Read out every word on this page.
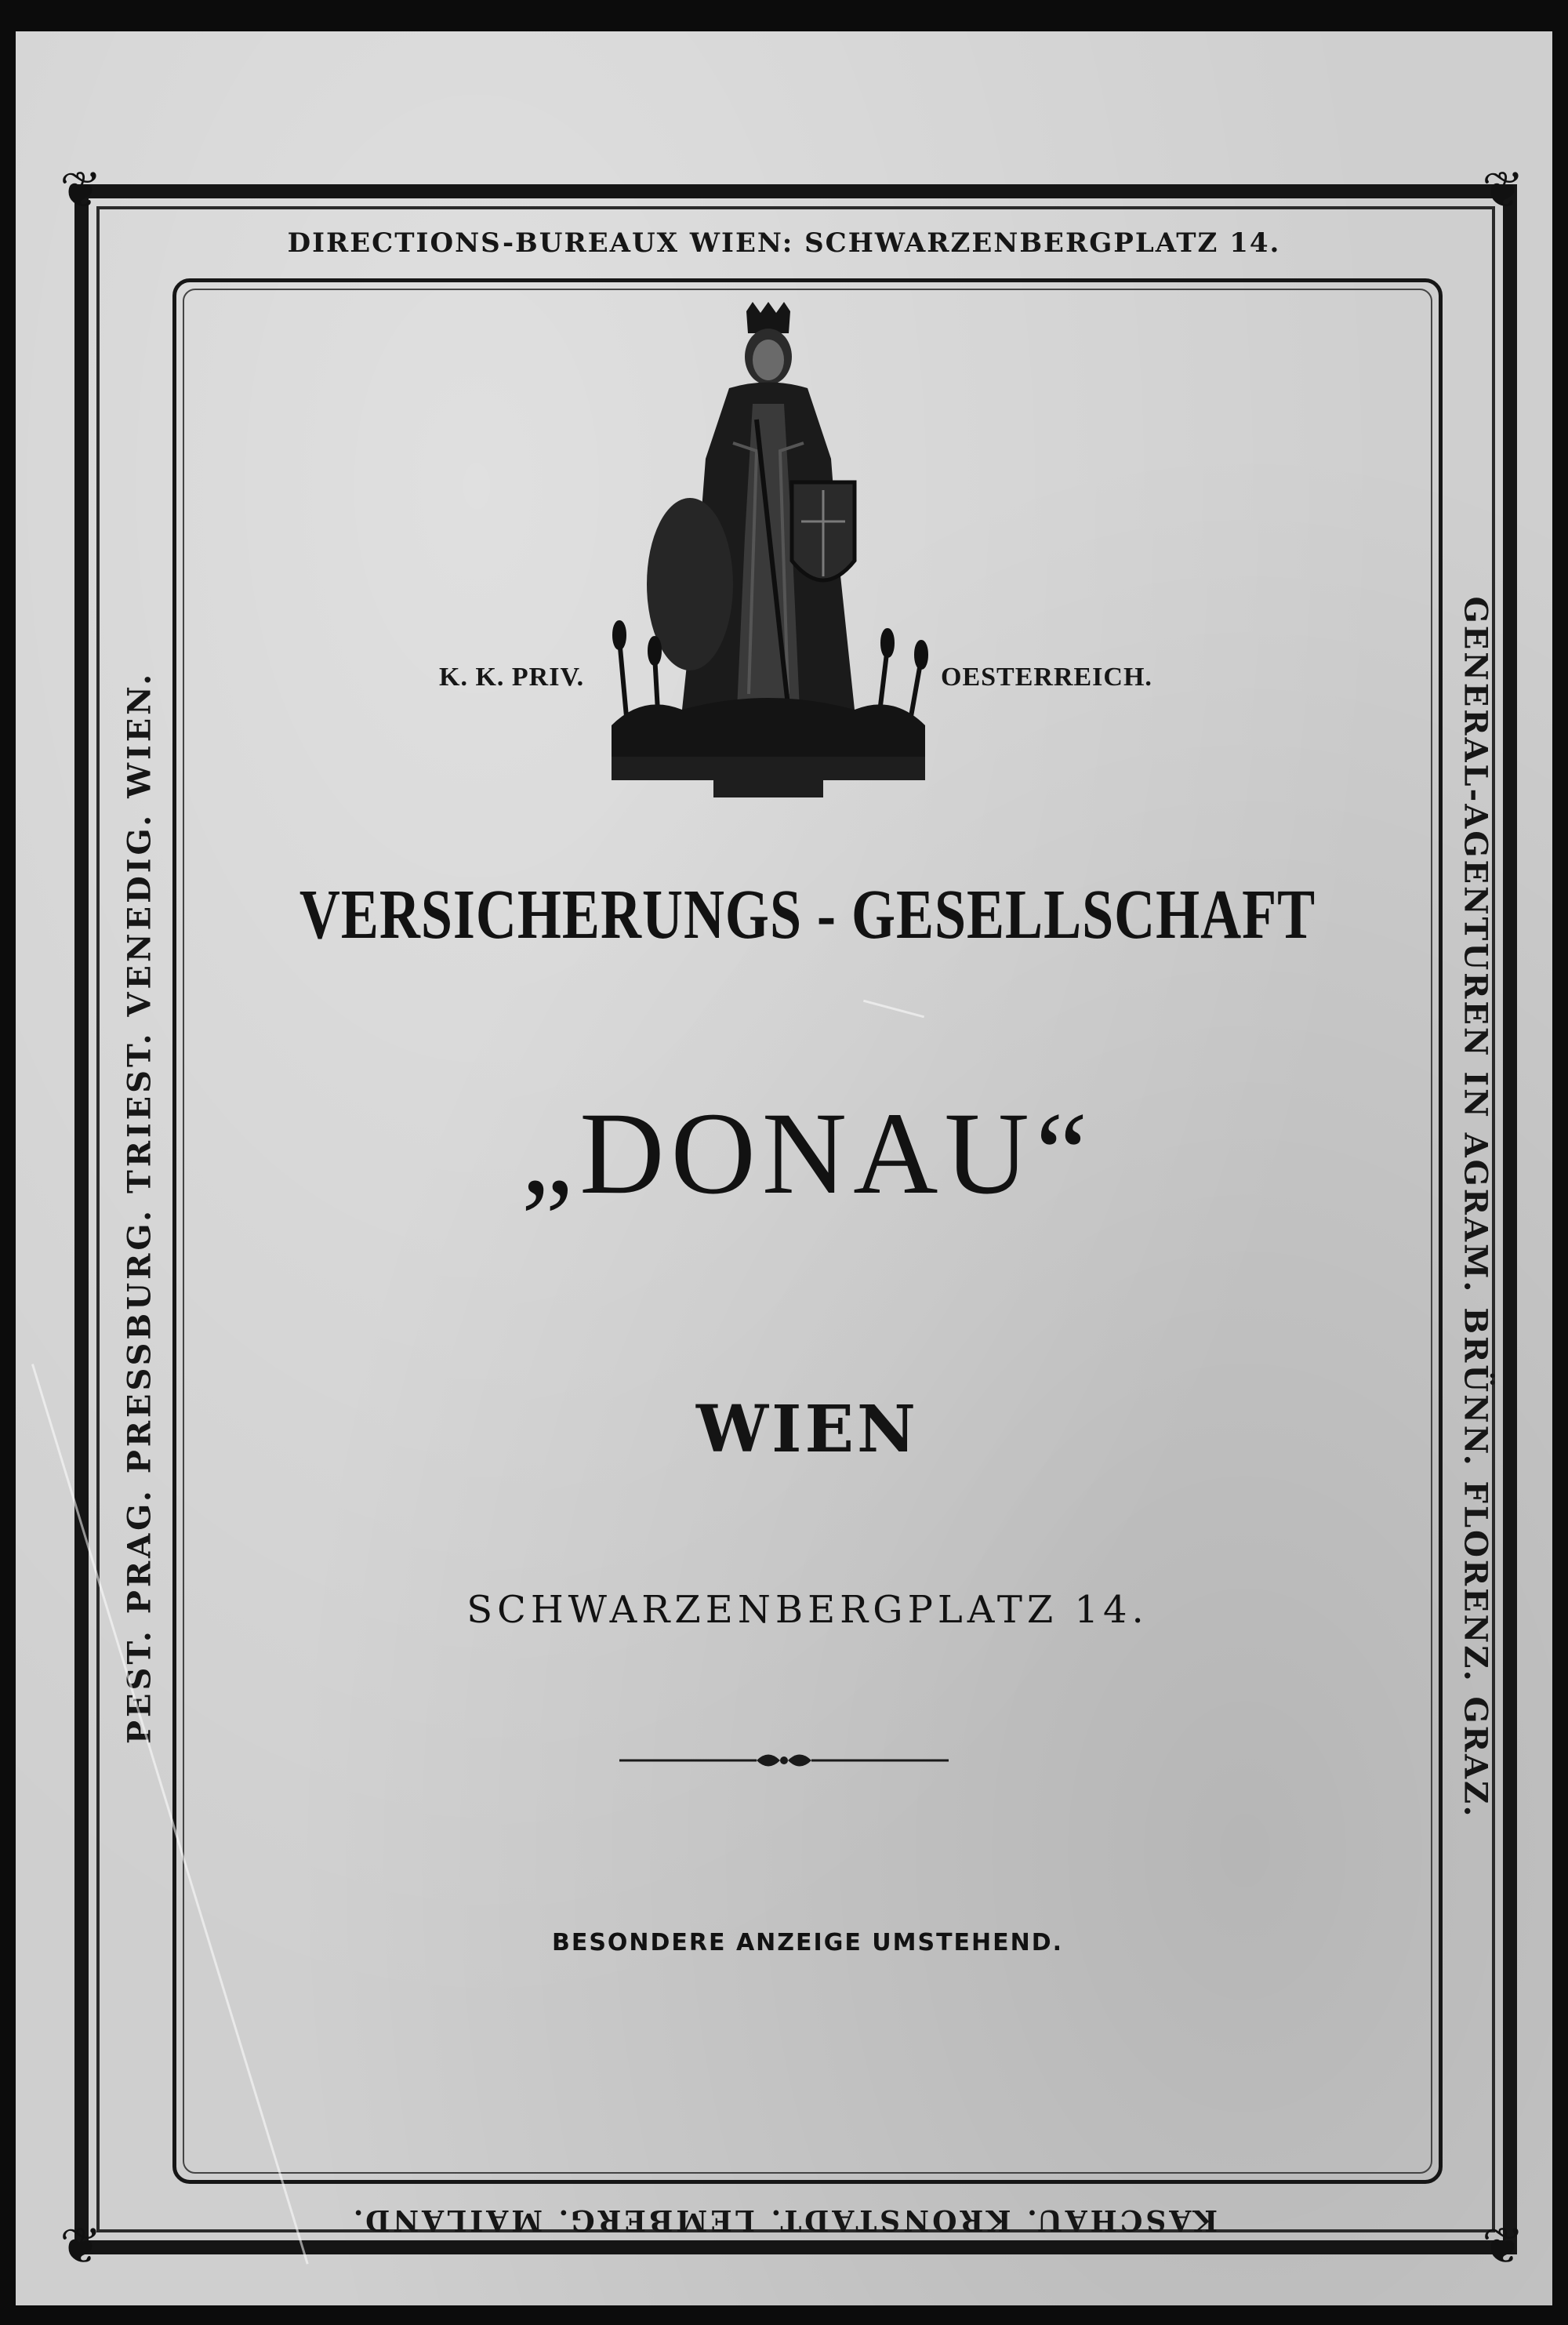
❦	❦
❦	❦
DIRECTIONS-BUREAUX WIEN: SCHWARZENBERGPLATZ 14.
PEST. PRAG. PRESSBURG. TRIEST. VENEDIG. WIEN.	GENERAL-AGENTUREN IN AGRAM. BRÜNN. FLORENZ. GRAZ.
KASCHAU. KRONSTADT. LEMBERG. MAILAND.
K. K. PRIV.	OESTERREICH.
VERSICHERUNGS - GESELLSCHAFT
„DONAU“
WIEN
SCHWARZENBERGPLATZ 14.
BESONDERE ANZEIGE UMSTEHEND.
